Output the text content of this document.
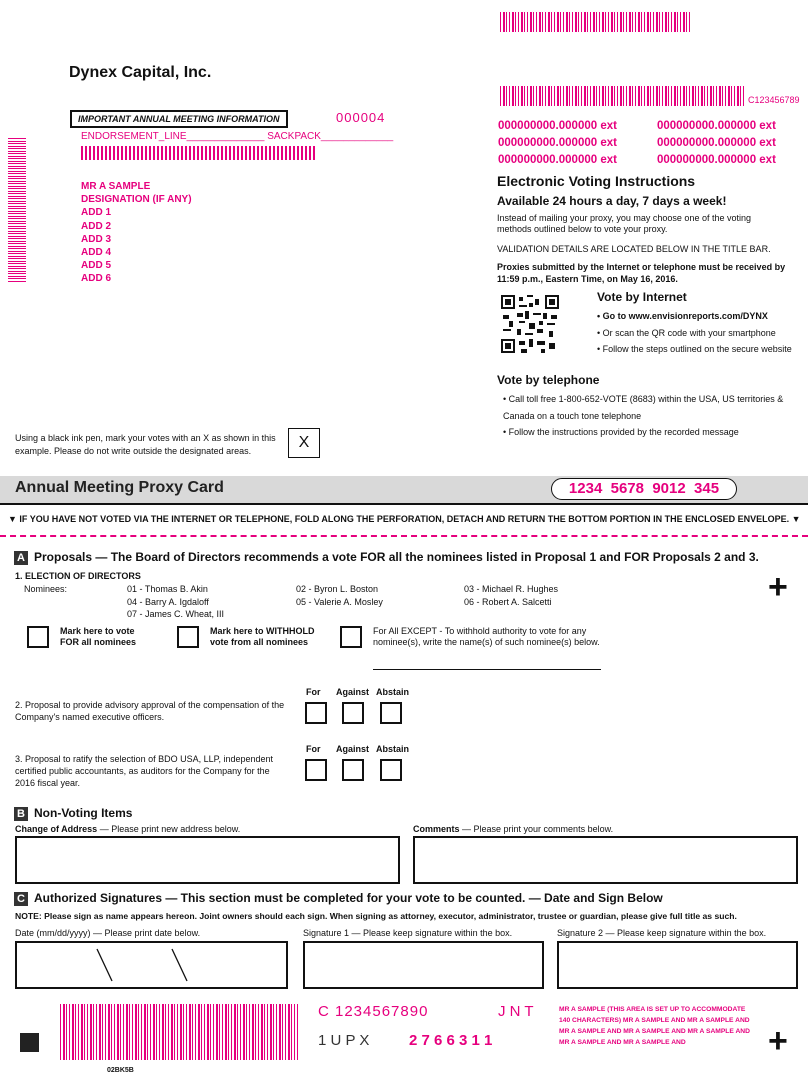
Dynex Capital, Inc.
IMPORTANT ANNUAL MEETING INFORMATION	000004
ENDORSEMENT_LINE______________ SACKPACK_____________
MR A SAMPLE
DESIGNATION (IF ANY)
ADD 1
ADD 2
ADD 3
ADD 4
ADD 5
ADD 6
C123456789
000000000.000000 ext	000000000.000000 ext
000000000.000000 ext	000000000.000000 ext
000000000.000000 ext	000000000.000000 ext
Electronic Voting Instructions
Available 24 hours a day, 7 days a week!
Instead of mailing your proxy, you may choose one of the voting methods outlined below to vote your proxy.
VALIDATION DETAILS ARE LOCATED BELOW IN THE TITLE BAR.
Proxies submitted by the Internet or telephone must be received by 11:59 p.m., Eastern Time, on May 16, 2016.
Vote by Internet
• Go to www.envisionreports.com/DYNX
• Or scan the QR code with your smartphone
• Follow the steps outlined on the secure website
Vote by telephone
• Call toll free 1-800-652-VOTE (8683) within the USA, US territories & Canada on a touch tone telephone
• Follow the instructions provided by the recorded message
Using a black ink pen, mark your votes with an X as shown in this example. Please do not write outside the designated areas.	X
Annual Meeting Proxy Card	1234  5678  9012  345
▼ IF YOU HAVE NOT VOTED VIA THE INTERNET OR TELEPHONE, FOLD ALONG THE PERFORATION, DETACH AND RETURN THE BOTTOM PORTION IN THE ENCLOSED ENVELOPE. ▼
A Proposals — The Board of Directors recommends a vote FOR all the nominees listed in Proposal 1 and FOR Proposals 2 and 3.
1. ELECTION OF DIRECTORS
Nominees:	01 - Thomas B. Akin	02 - Byron L. Boston	03 - Michael R. Hughes
04 - Barry A. Igdaloff	05 - Valerie A. Mosley	06 - Robert A. Salcetti
07 - James C. Wheat, III
+
Mark here to vote FOR all nominees
Mark here to WITHHOLD vote from all nominees
For All EXCEPT - To withhold authority to vote for any nominee(s), write the name(s) of such nominee(s) below.
For Against Abstain
2. Proposal to provide advisory approval of the compensation of the Company's named executive officers.
For Against Abstain
3. Proposal to ratify the selection of BDO USA, LLP, independent certified public accountants, as auditors for the Company for the 2016 fiscal year.
B Non-Voting Items
Change of Address — Please print new address below.	Comments — Please print your comments below.
C Authorized Signatures — This section must be completed for your vote to be counted. — Date and Sign Below
NOTE: Please sign as name appears hereon. Joint owners should each sign. When signing as attorney, executor, administrator, trustee or guardian, please give full title as such.
Date (mm/dd/yyyy) — Please print date below.	Signature 1 — Please keep signature within the box.	Signature 2 — Please keep signature within the box.
02BK5B
C 1234567890	J N T
1 U P X	2 7 6 6 3 1 1
MR A SAMPLE (THIS AREA IS SET UP TO ACCOMMODATE 140 CHARACTERS) MR A SAMPLE AND MR A SAMPLE AND MR A SAMPLE AND MR A SAMPLE AND MR A SAMPLE AND MR A SAMPLE AND MR A SAMPLE AND	+
